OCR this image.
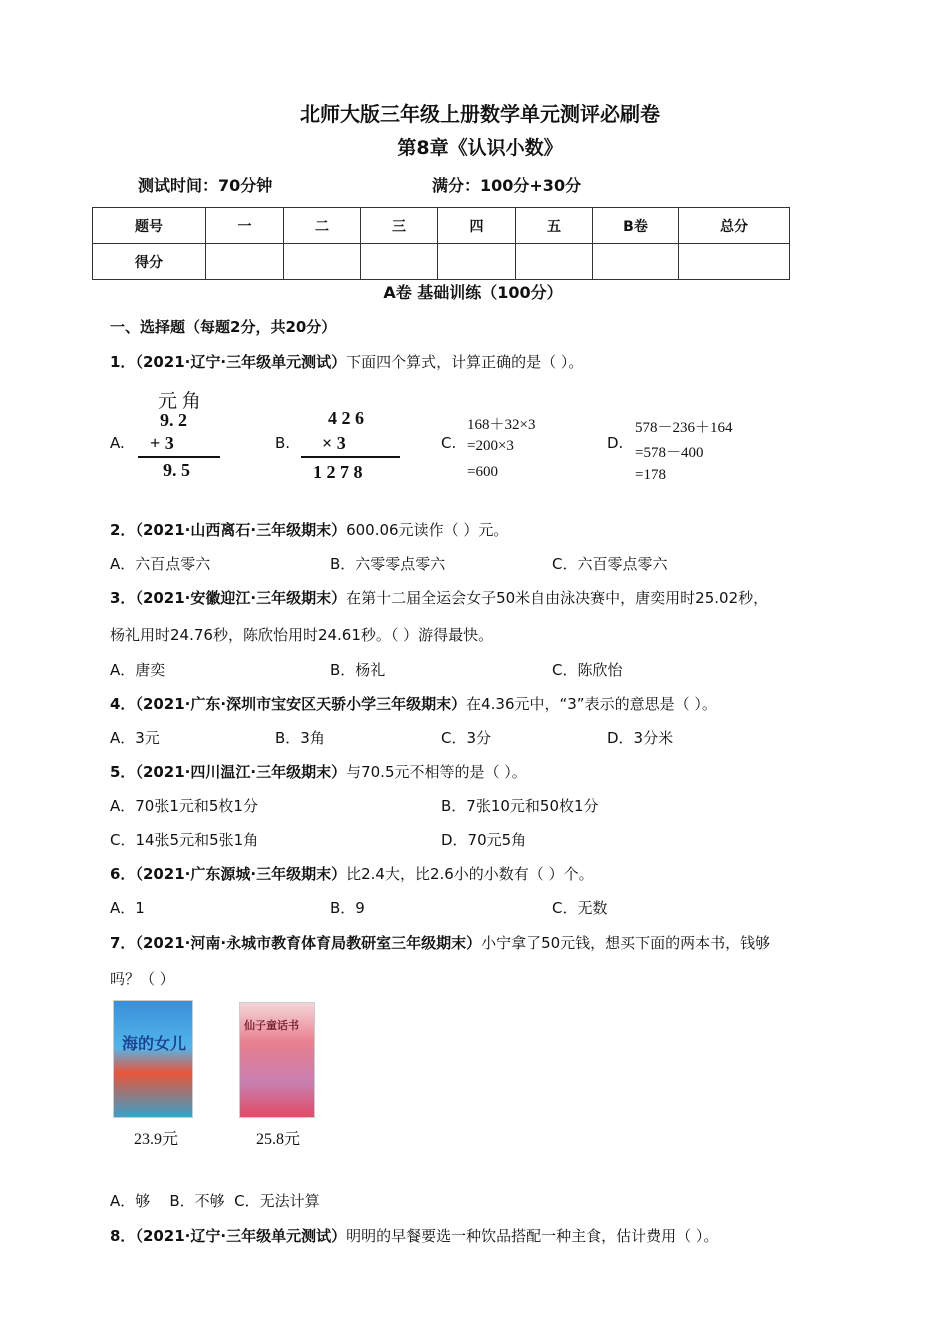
北师大版三年级上册数学单元测评必刷卷
第8章《认识小数》
测试时间：70分钟	满分：100分+30分
题号	一	二	三	四	五	B卷	总分
得分							
A卷 基础训练（100分）
一、选择题（每题2分，共20分）
1．（2021·辽宁·三年级单元测试）下面四个算式，计算正确的是（ ）。
A.
元 角
9. 2
+ 3
9. 5
B.
4 2 6
× 3
1 2 7 8
C.
168＋32×3
=200×3
=600
D.
578－236＋164
=578－400
=178
2．（2021·山西离石·三年级期末）600.06元读作（ ）元。
A．六百点零六	B．六零零点零六	C．六百零点零六
3．（2021·安徽迎江·三年级期末）在第十二届全运会女子50米自由泳决赛中，唐奕用时25.02秒，
杨礼用时24.76秒，陈欣怡用时24.61秒。（ ）游得最快。
A．唐奕	B．杨礼	C．陈欣怡
4．（2021·广东·深圳市宝安区天骄小学三年级期末）在4.36元中，“3”表示的意思是（ ）。
A．3元	B．3角	C．3分	D．3分米
5．（2021·四川温江·三年级期末）与70.5元不相等的是（ ）。
A．70张1元和5枚1分	B．7张10元和50枚1分
C．14张5元和5张1角	D．70元5角
6．（2021·广东源城·三年级期末）比2.4大，比2.6小的小数有（ ）个。
A．1	B．9	C．无数
7．（2021·河南·永城市教育体育局教研室三年级期末）小宁拿了50元钱，想买下面的两本书，钱够
吗？（ ）
海的女儿
23.9元
仙子童话书
25.8元
A．够    B．不够  C．无法计算
8．（2021·辽宁·三年级单元测试）明明的早餐要选一种饮品搭配一种主食，估计费用（ ）。
